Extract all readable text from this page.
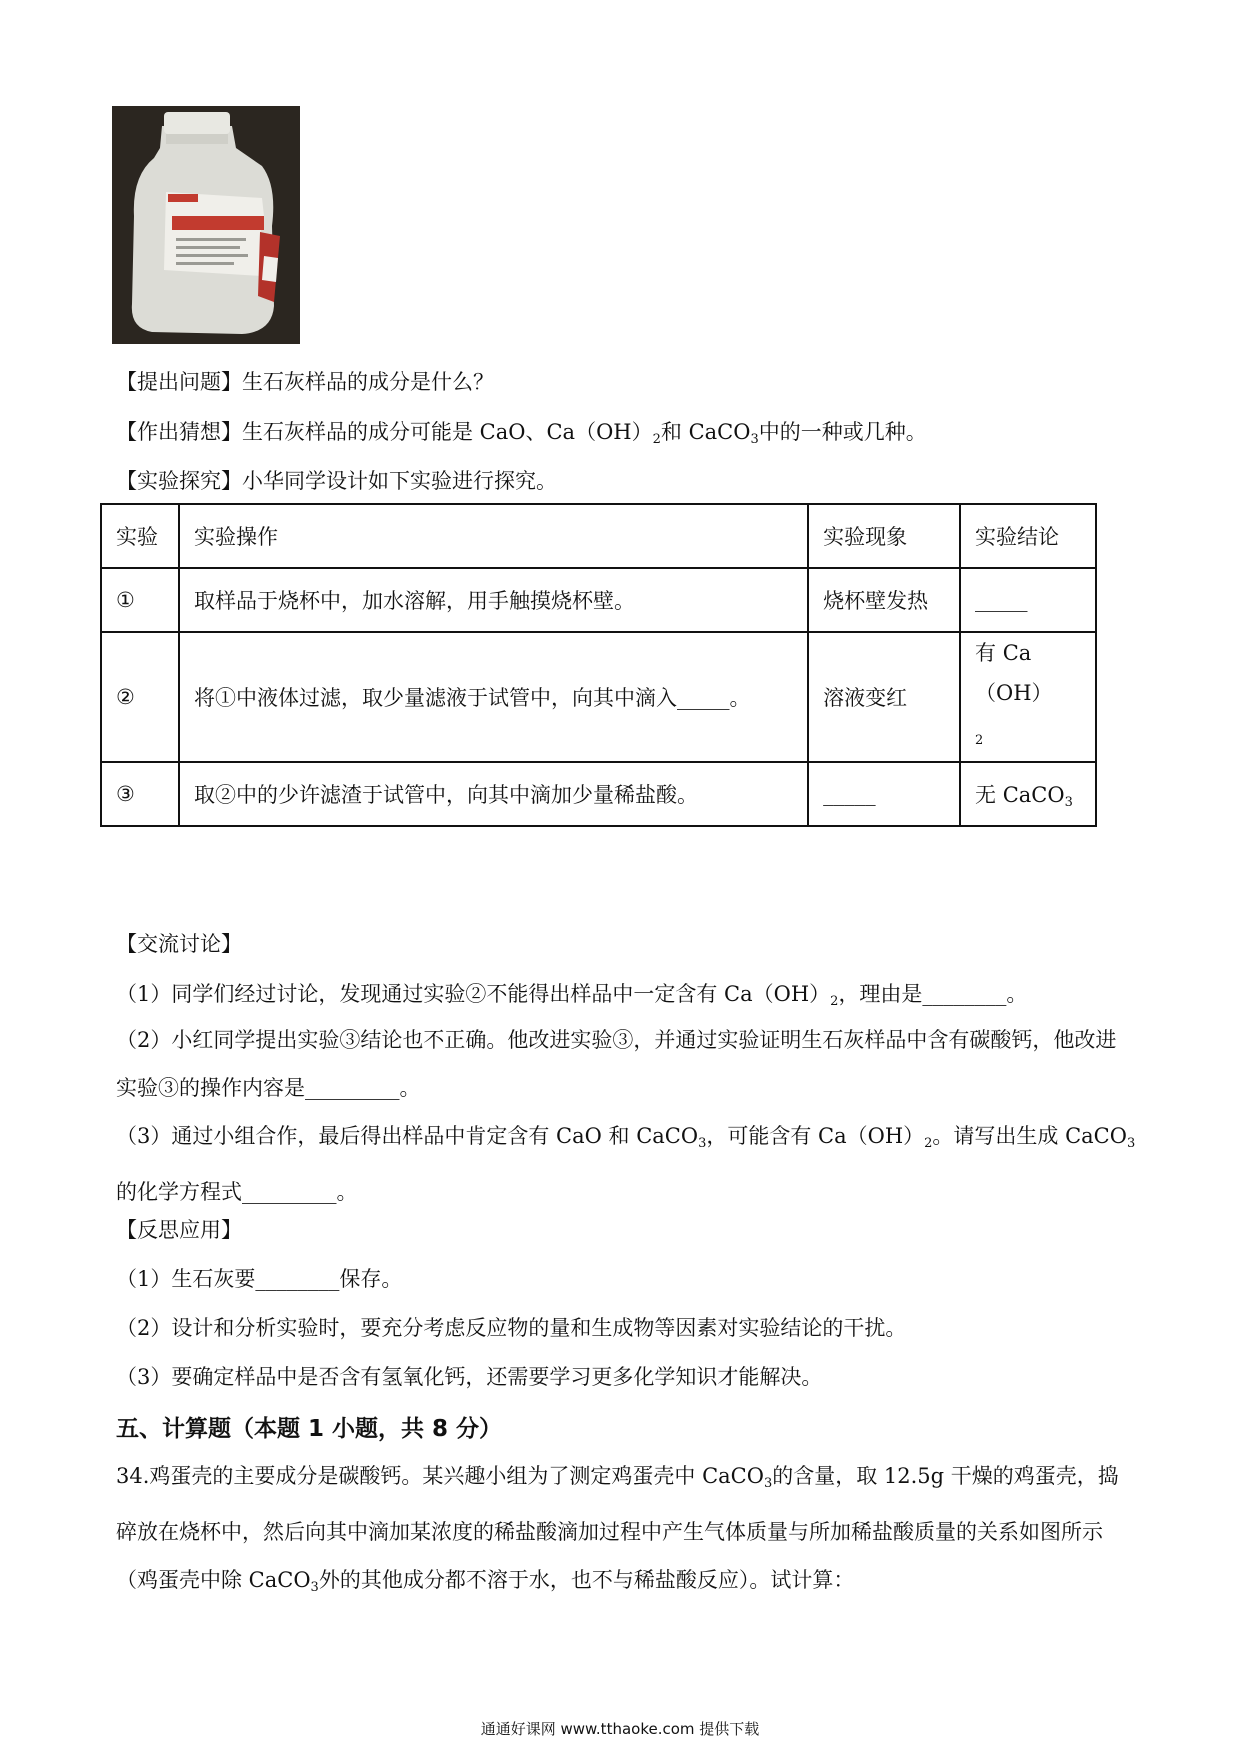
【提出问题】生石灰样品的成分是什么？
【作出猜想】生石灰样品的成分可能是 CaO、$Ca(OH)_2$和 CaCO$_3$中的一种或几种。
【实验探究】小华同学设计如下实验进行探究。
实验	实验操作	实验现象	实验结论
①	取样品于烧杯中，加水溶解，用手触摸烧杯壁。	烧杯壁发热	_____
②	将①中液体过滤，取少量滤液于试管中，向其中滴入_____。	溶液变红	有 Ca（OH）
$_2$
③	取②中的少许滤渣于试管中，向其中滴加少量稀盐酸。	_____	无 CaCO$_3$
【交流讨论】
（1）同学们经过讨论，发现通过实验②不能得出样品中一定含有 $Ca(OH)_2$，理由是________。
（2）小红同学提出实验③结论也不正确。他改进实验③，并通过实验证明生石灰样品中含有碳酸钙，他改进实验③的操作内容是_________。
（3）通过小组合作，最后得出样品中肯定含有 CaO 和 CaCO$_3$，可能含有 $Ca(OH)_2$。请写出生成 CaCO$_3$的化学方程式_________。
【反思应用】
（1）生石灰要________保存。
（2）设计和分析实验时，要充分考虑反应物的量和生成物等因素对实验结论的干扰。
（3）要确定样品中是否含有氢氧化钙，还需要学习更多化学知识才能解决。
五、计算题（本题 1 小题，共 8 分）
34.鸡蛋壳的主要成分是碳酸钙。某兴趣小组为了测定鸡蛋壳中 CaCO$_3$的含量，取 12.5g 干燥的鸡蛋壳，捣碎放在烧杯中，然后向其中滴加某浓度的稀盐酸滴加过程中产生气体质量与所加稀盐酸质量的关系如图所示（鸡蛋壳中除 CaCO$_3$外的其他成分都不溶于水，也不与稀盐酸反应）。试计算：
通通好课网 www.tthaoke.com 提供下载
